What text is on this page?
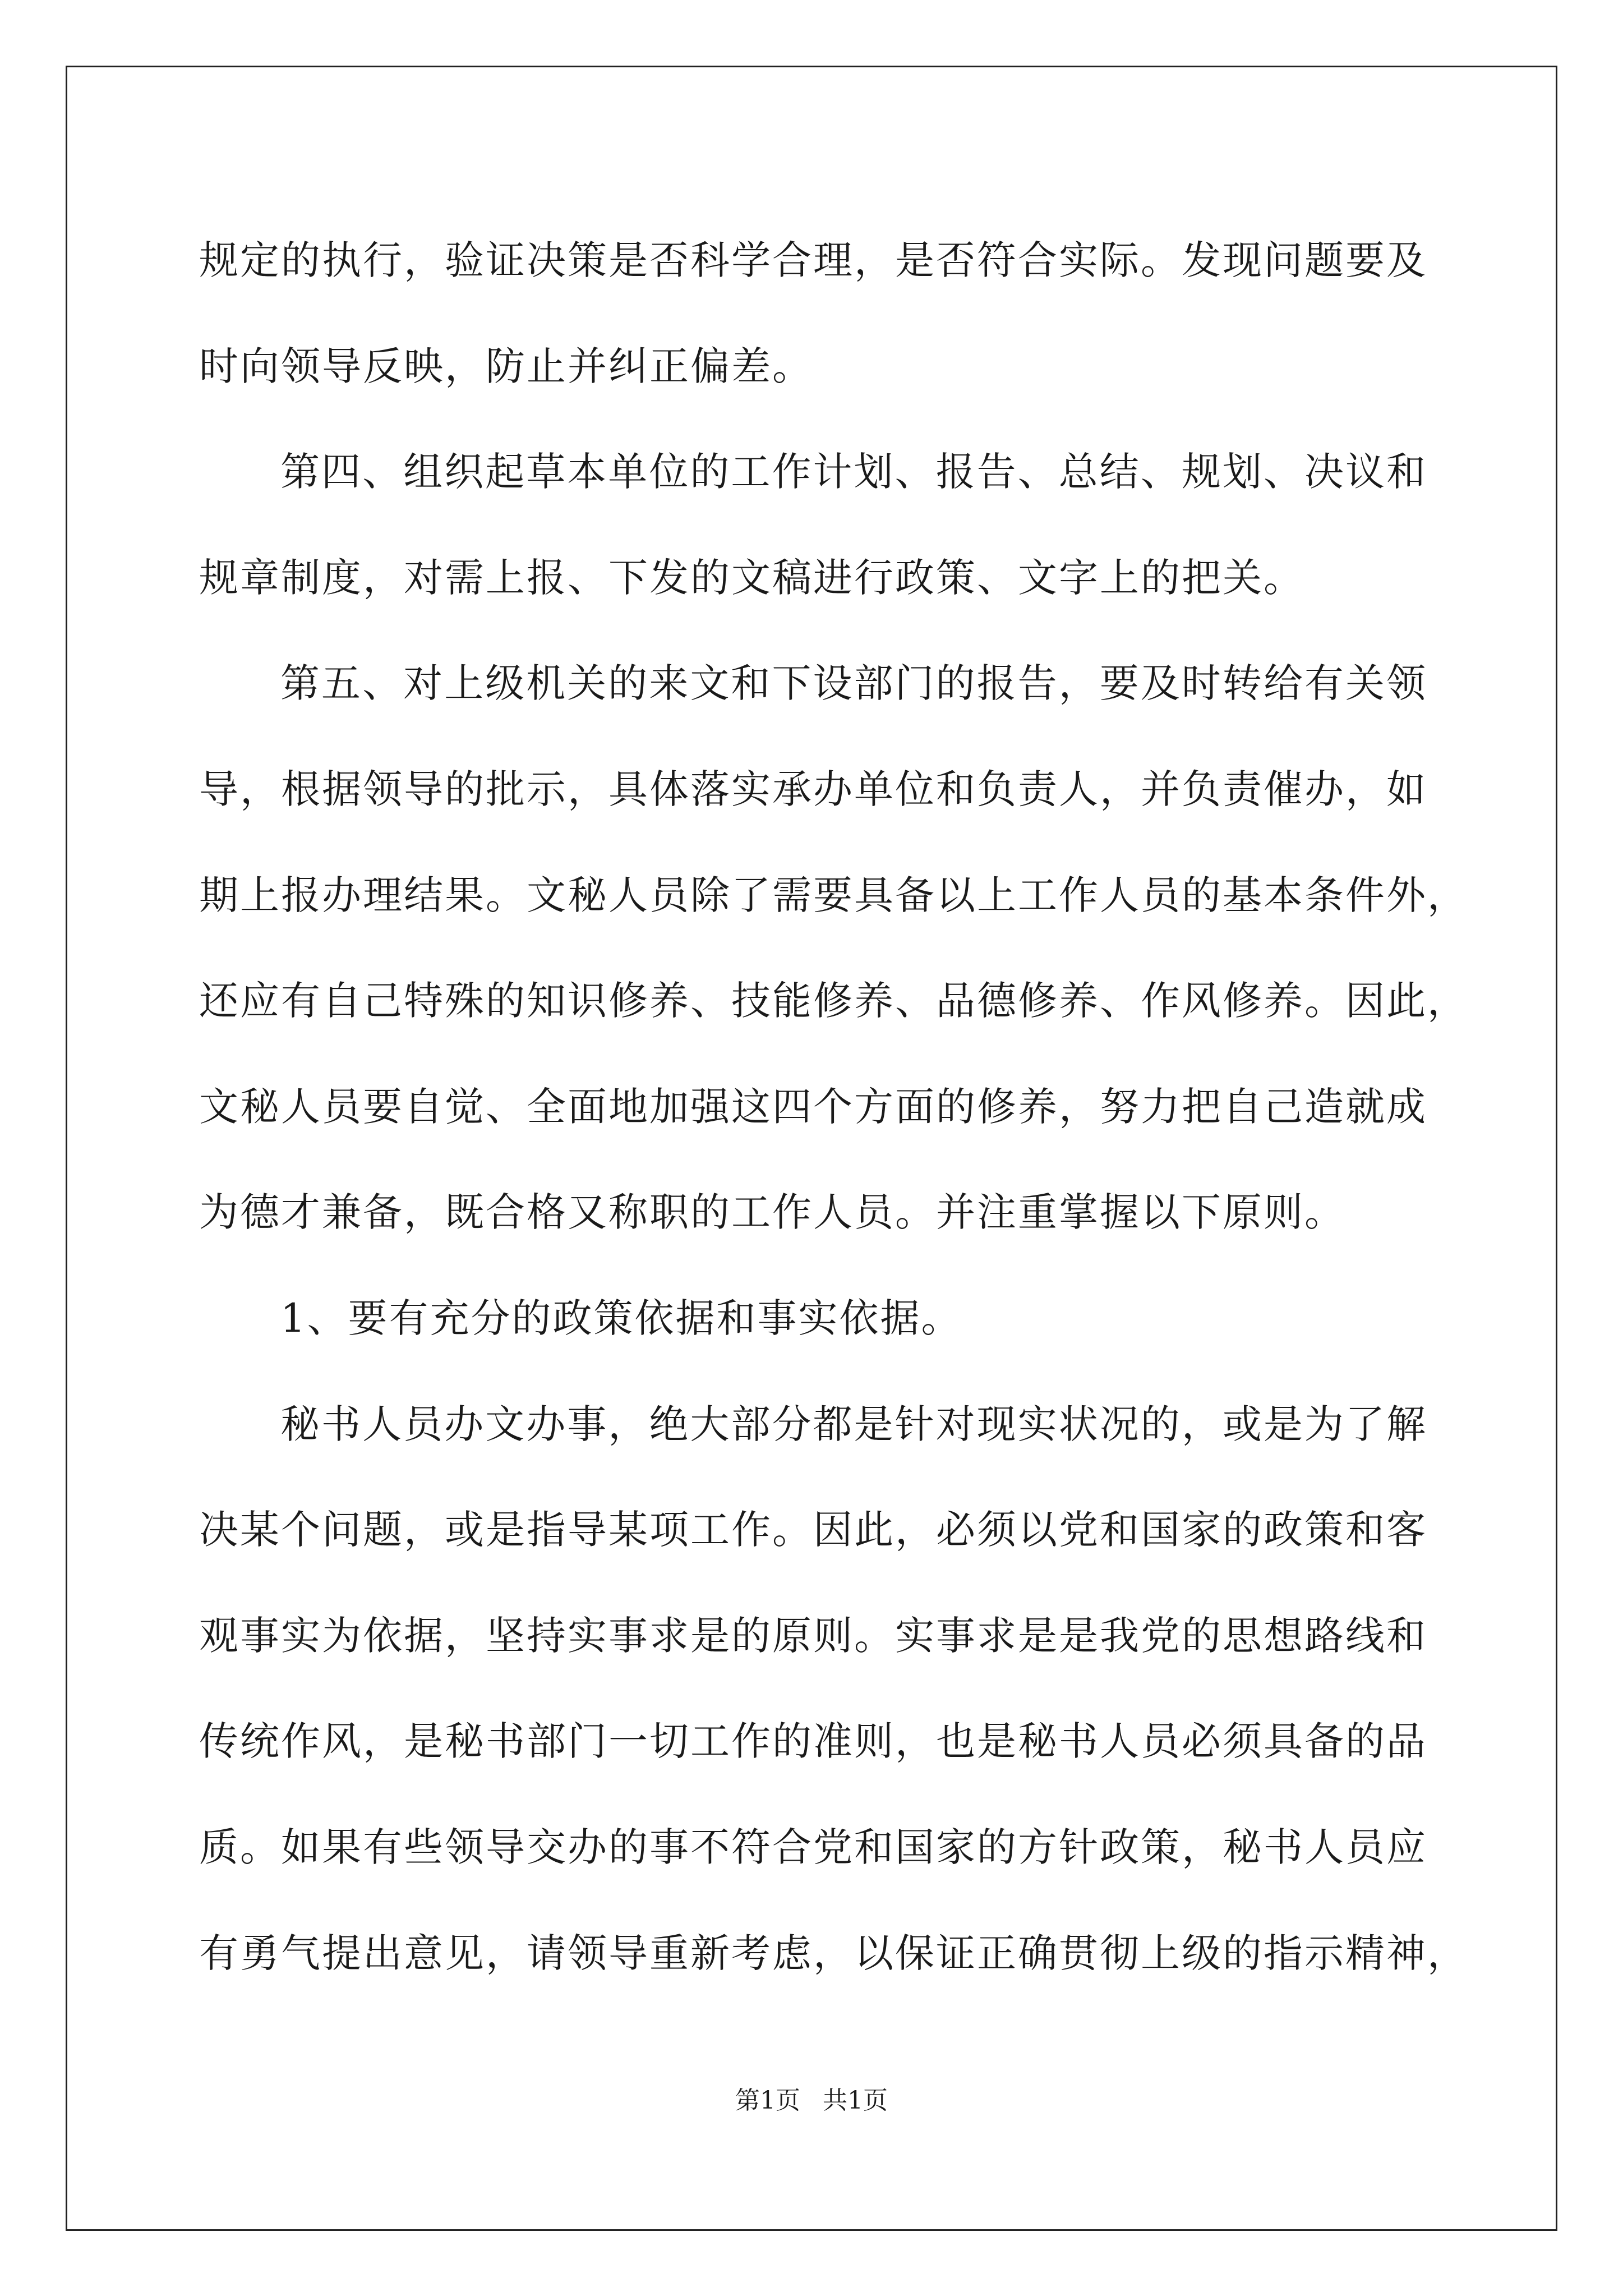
规定的执行，验证决策是否科学合理，是否符合实际。发现问题要及
时向领导反映，防止并纠正偏差。
第四、组织起草本单位的工作计划、报告、总结、规划、决议和
规章制度，对需上报、下发的文稿进行政策、文字上的把关。
第五、对上级机关的来文和下设部门的报告，要及时转给有关领
导，根据领导的批示，具体落实承办单位和负责人，并负责催办，如
期上报办理结果。文秘人员除了需要具备以上工作人员的基本条件外，
还应有自己特殊的知识修养、技能修养、品德修养、作风修养。因此，
文秘人员要自觉、全面地加强这四个方面的修养，努力把自己造就成
为德才兼备，既合格又称职的工作人员。并注重掌握以下原则。
1、要有充分的政策依据和事实依据。
秘书人员办文办事，绝大部分都是针对现实状况的，或是为了解
决某个问题，或是指导某项工作。因此，必须以党和国家的政策和客
观事实为依据，坚持实事求是的原则。实事求是是我党的思想路线和
传统作风，是秘书部门一切工作的准则，也是秘书人员必须具备的品
质。如果有些领导交办的事不符合党和国家的方针政策，秘书人员应
有勇气提出意见，请领导重新考虑，以保证正确贯彻上级的指示精神，
第1页 共1页
